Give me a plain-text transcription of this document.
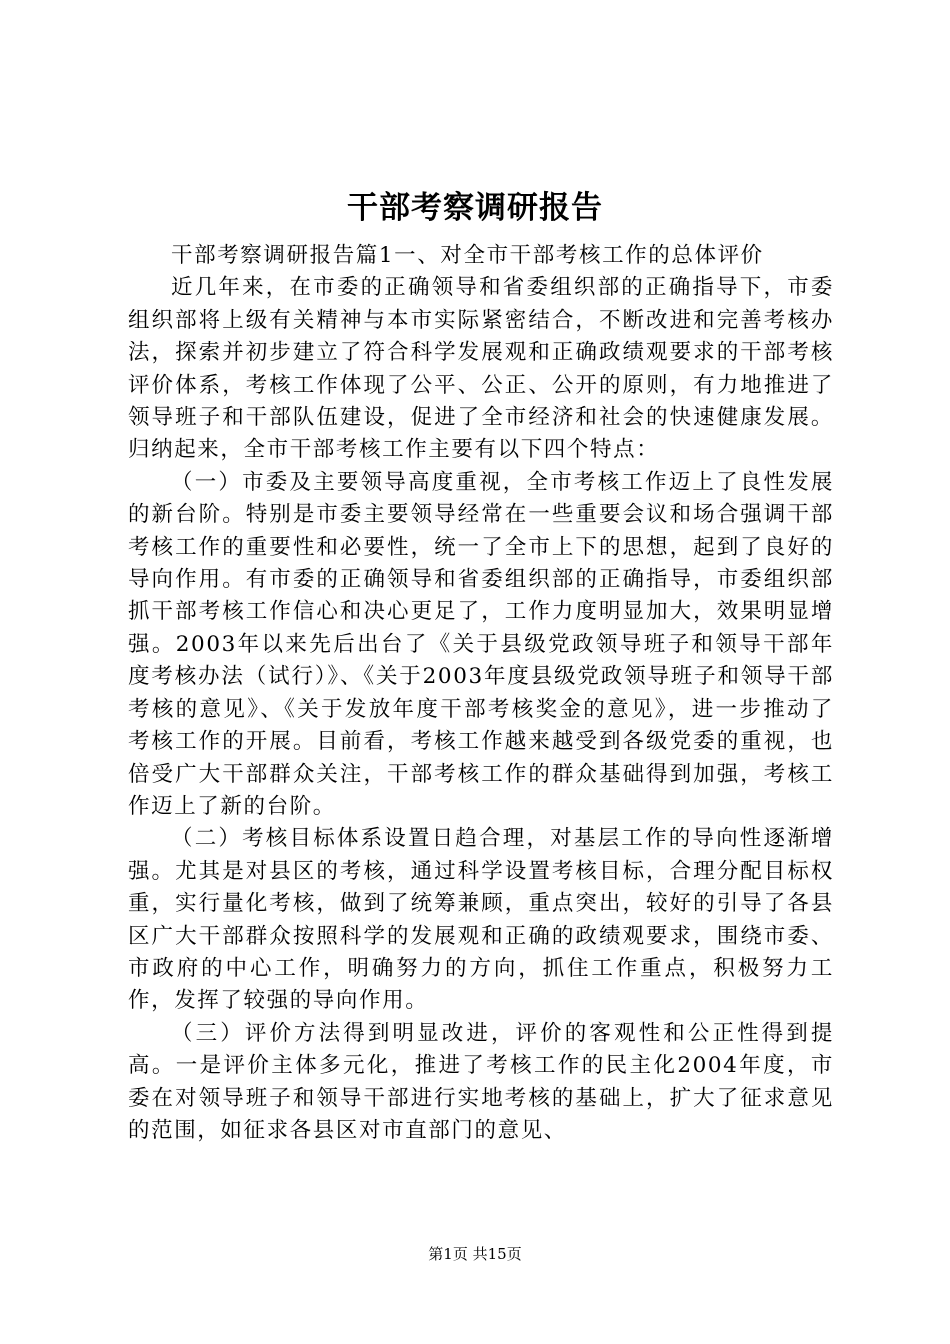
干部考察调研报告

干部考察调研报告篇1一、对全市干部考核工作的总体评价

近几年来，在市委的正确领导和省委组织部的正确指导下，市委组织部将上级有关精神与本市实际紧密结合，不断改进和完善考核办法，探索并初步建立了符合科学发展观和正确政绩观要求的干部考核评价体系，考核工作体现了公平、公正、公开的原则，有力地推进了领导班子和干部队伍建设，促进了全市经济和社会的快速健康发展。归纳起来，全市干部考核工作主要有以下四个特点：

（一）市委及主要领导高度重视，全市考核工作迈上了良性发展的新台阶。特别是市委主要领导经常在一些重要会议和场合强调干部考核工作的重要性和必要性，统一了全市上下的思想，起到了良好的导向作用。有市委的正确领导和省委组织部的正确指导，市委组织部抓干部考核工作信心和决心更足了，工作力度明显加大，效果明显增强。2003年以来先后出台了《关于县级党政领导班子和领导干部年度考核办法（试行）》、《关于2003年度县级党政领导班子和领导干部考核的意见》、《关于发放年度干部考核奖金的意见》，进一步推动了考核工作的开展。目前看，考核工作越来越受到各级党委的重视，也倍受广大干部群众关注，干部考核工作的群众基础得到加强，考核工作迈上了新的台阶。

（二）考核目标体系设置日趋合理，对基层工作的导向性逐渐增强。尤其是对县区的考核，通过科学设置考核目标，合理分配目标权重，实行量化考核，做到了统筹兼顾，重点突出，较好的引导了各县区广大干部群众按照科学的发展观和正确的政绩观要求，围绕市委、市政府的中心工作，明确努力的方向，抓住工作重点，积极努力工作，发挥了较强的导向作用。

（三）评价方法得到明显改进，评价的客观性和公正性得到提高。一是评价主体多元化，推进了考核工作的民主化2004年度，市委在对领导班子和领导干部进行实地考核的基础上，扩大了征求意见的范围，如征求各县区对市直部门的意见、

第1页 共15页
